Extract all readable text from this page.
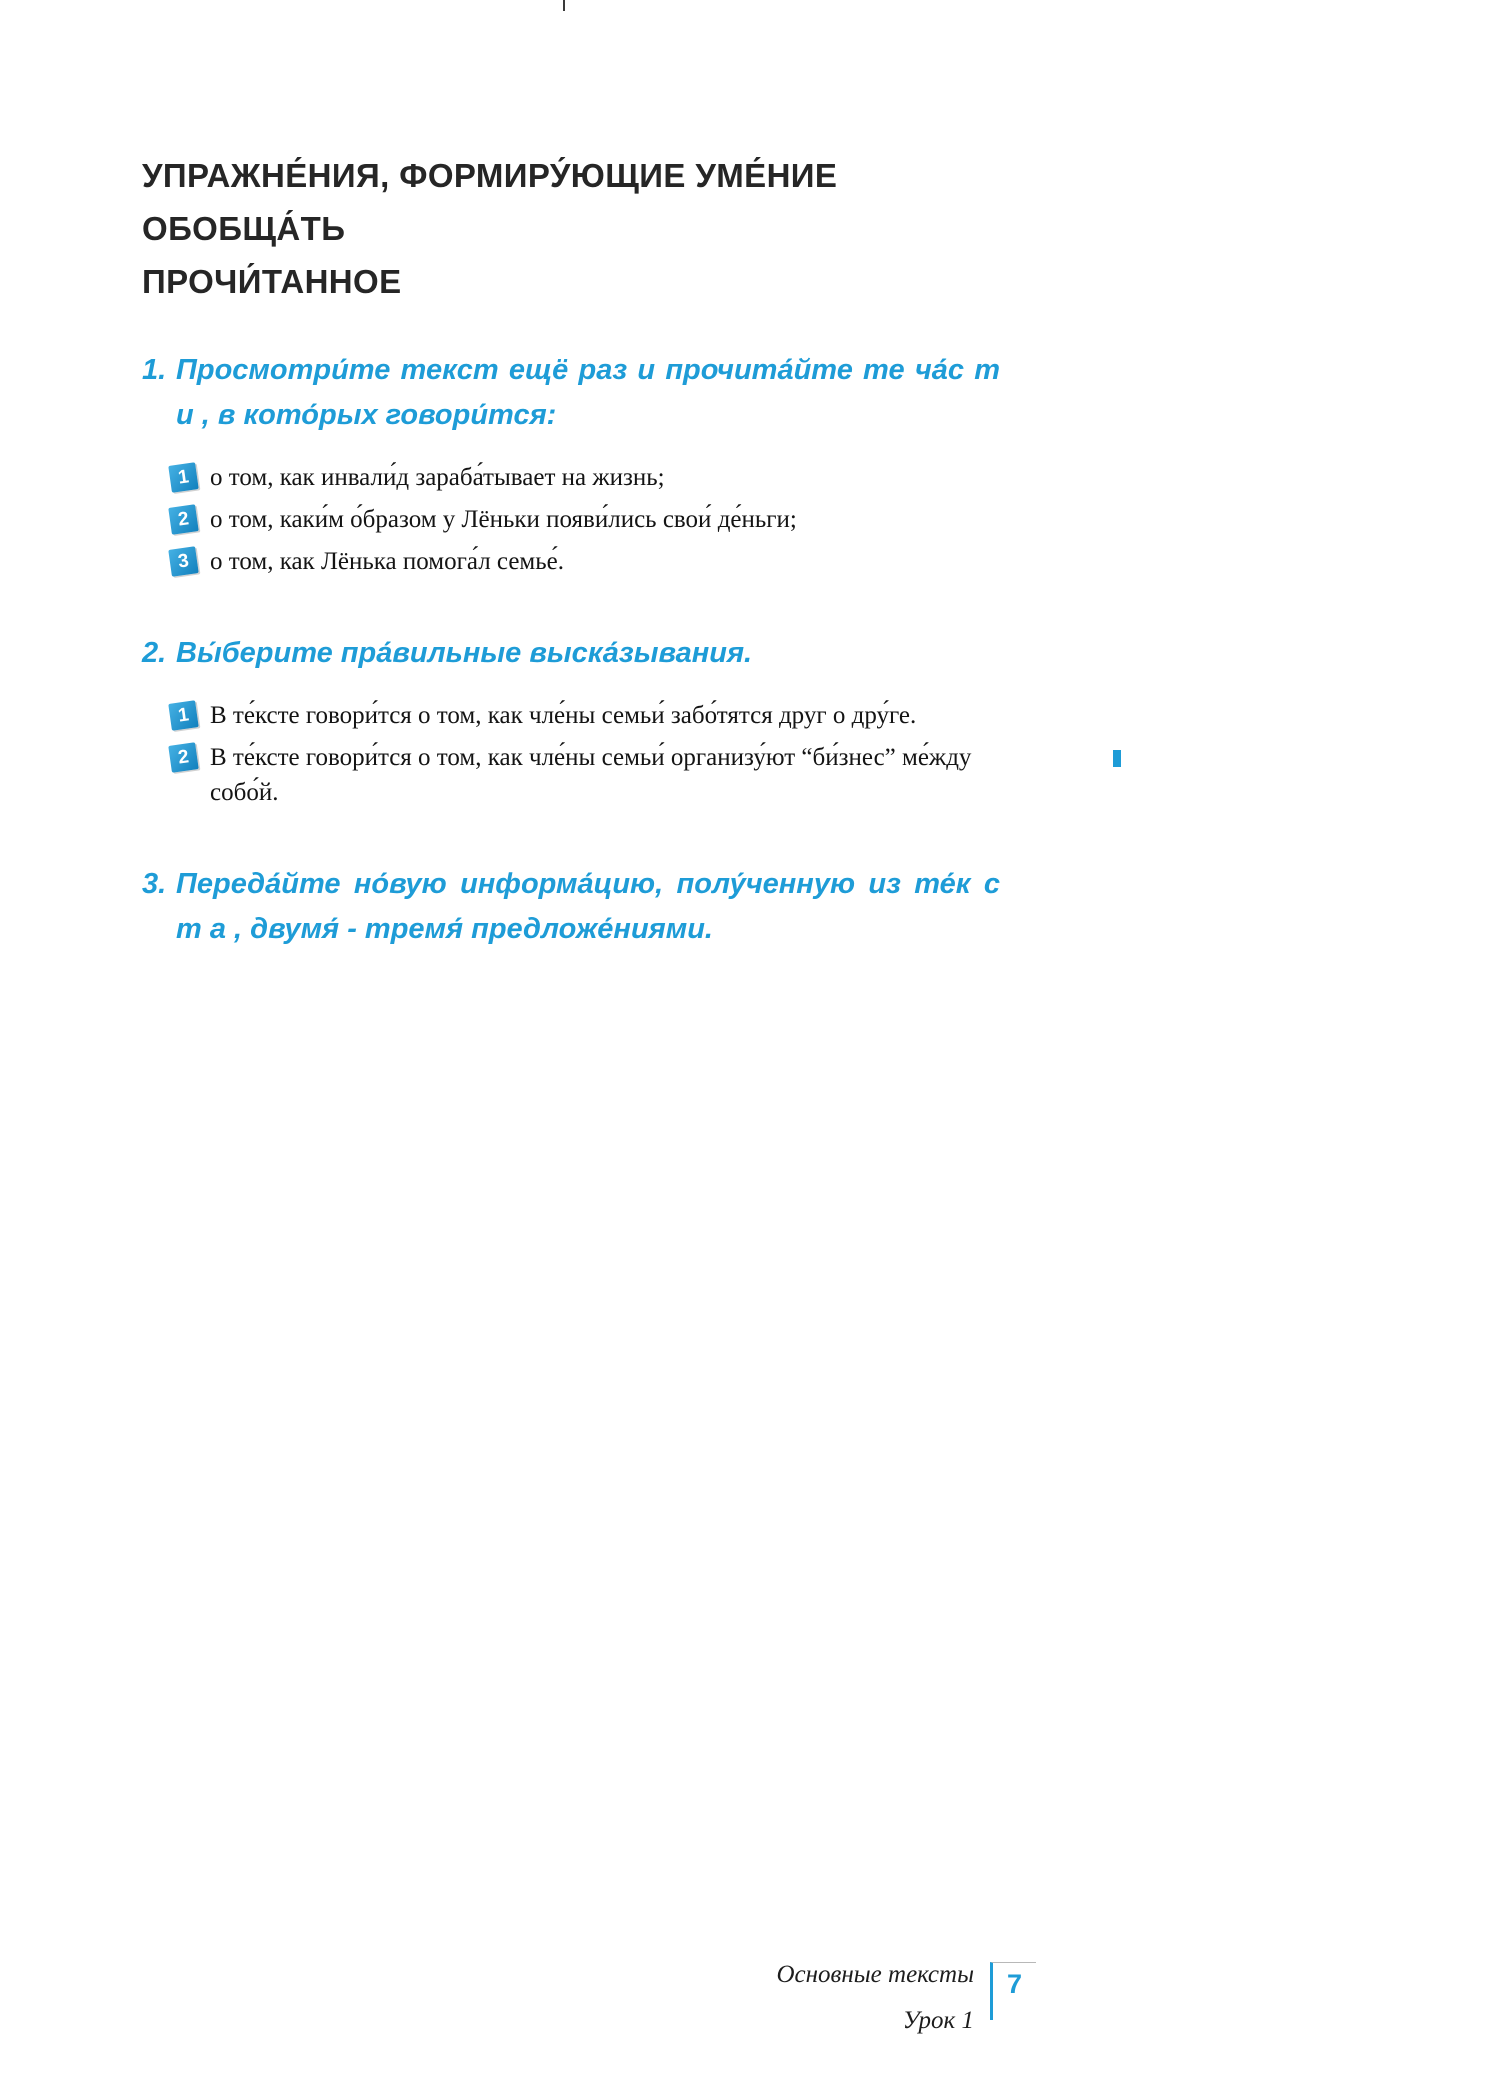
УПРАЖНЕ́НИЯ, ФОРМИРУ́ЮЩИЕ УМЕ́НИЕ ОБОБЩА́ТЬ
ПРОЧИ́ТАННОЕ
1. Просмотри́те текст ещё раз и прочита́йте те ча́с т и , в кото́рых говори́тся:
1 о том, как инвали́д зараба́тывает на жизнь;
2 о том, каки́м о́бразом у Лёньки появи́лись свои́ де́ньги;
3 о том, как Лёнька помога́л семье́.
2. Вы́берите пра́вильные выска́зывания.
1 В те́ксте говори́тся о том, как чле́ны семьи́ забо́тятся друг о дру́ге.
2 В те́ксте говори́тся о том, как чле́ны семьи́ организу́ют “би́знес” ме́жду собо́й.
3. Переда́йте но́вую информа́цию, полу́ченную из те́к с т а , двумя́ - тремя́ предложе́ниями.
Основные тексты
Урок 1
7
